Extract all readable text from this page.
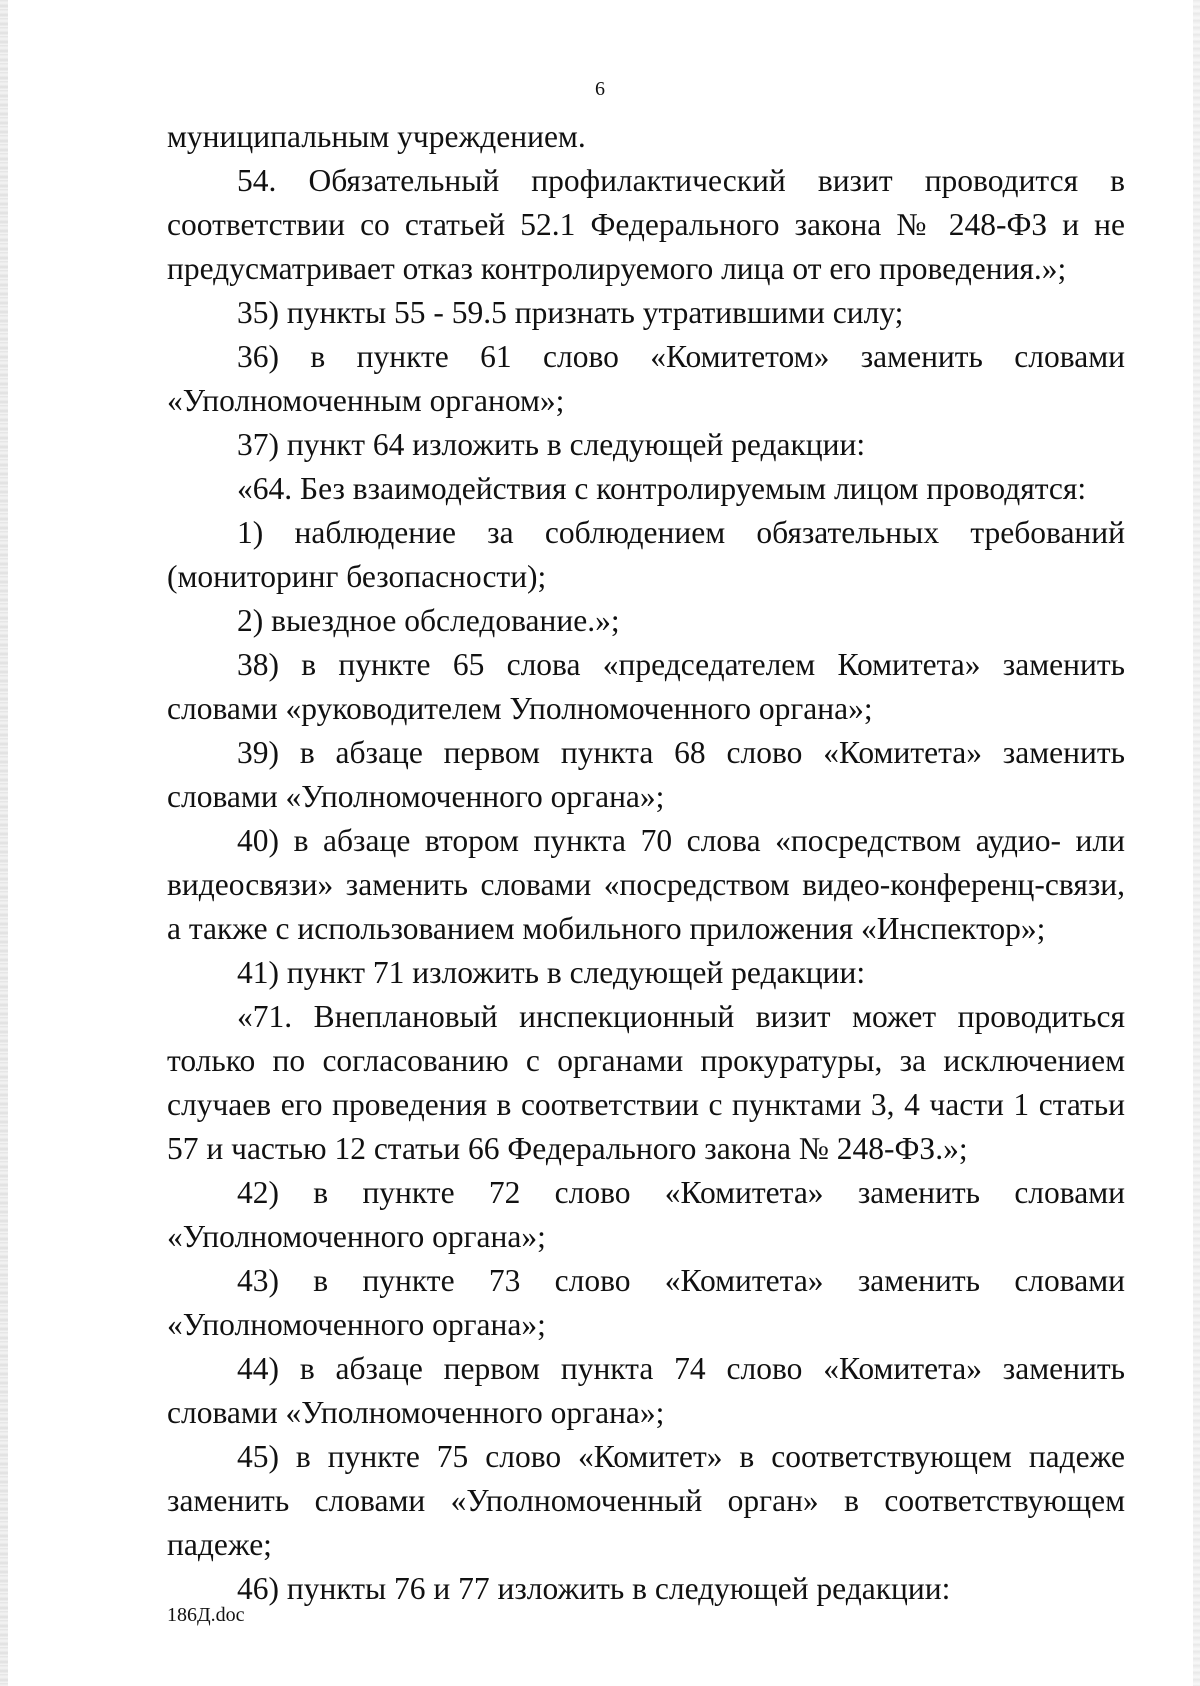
6

муниципальным учреждением.

54. Обязательный профилактический визит проводится в соответствии со статьей 52.1 Федерального закона № 248-ФЗ и не предусматривает отказ контролируемого лица от его проведения.»;

35) пункты 55 - 59.5 признать утратившими силу;

36) в пункте 61 слово «Комитетом» заменить словами «Уполномоченным органом»;

37) пункт 64 изложить в следующей редакции:

«64. Без взаимодействия с контролируемым лицом проводятся:

1) наблюдение за соблюдением обязательных требований (мониторинг безопасности);

2) выездное обследование.»;

38) в пункте 65 слова «председателем Комитета» заменить словами «руководителем Уполномоченного органа»;

39) в абзаце первом пункта 68 слово «Комитета» заменить словами «Уполномоченного органа»;

40) в абзаце втором пункта 70 слова «посредством аудио- или видеосвязи» заменить словами «посредством видео-конференц-связи, а также с использованием мобильного приложения «Инспектор»;

41) пункт 71 изложить в следующей редакции:

«71. Внеплановый инспекционный визит может проводиться только по согласованию с органами прокуратуры, за исключением случаев его проведения в соответствии с пунктами 3, 4 части 1 статьи 57 и частью 12 статьи 66 Федерального закона № 248-ФЗ.»;

42) в пункте 72 слово «Комитета» заменить словами «Уполномоченного органа»;

43) в пункте 73 слово «Комитета» заменить словами «Уполномоченного органа»;

44) в абзаце первом пункта 74 слово «Комитета» заменить словами «Уполномоченного органа»;

45) в пункте 75 слово «Комитет» в соответствующем падеже заменить словами «Уполномоченный орган» в соответствующем падеже;

46) пункты 76 и 77 изложить в следующей редакции:

186Д.doc
